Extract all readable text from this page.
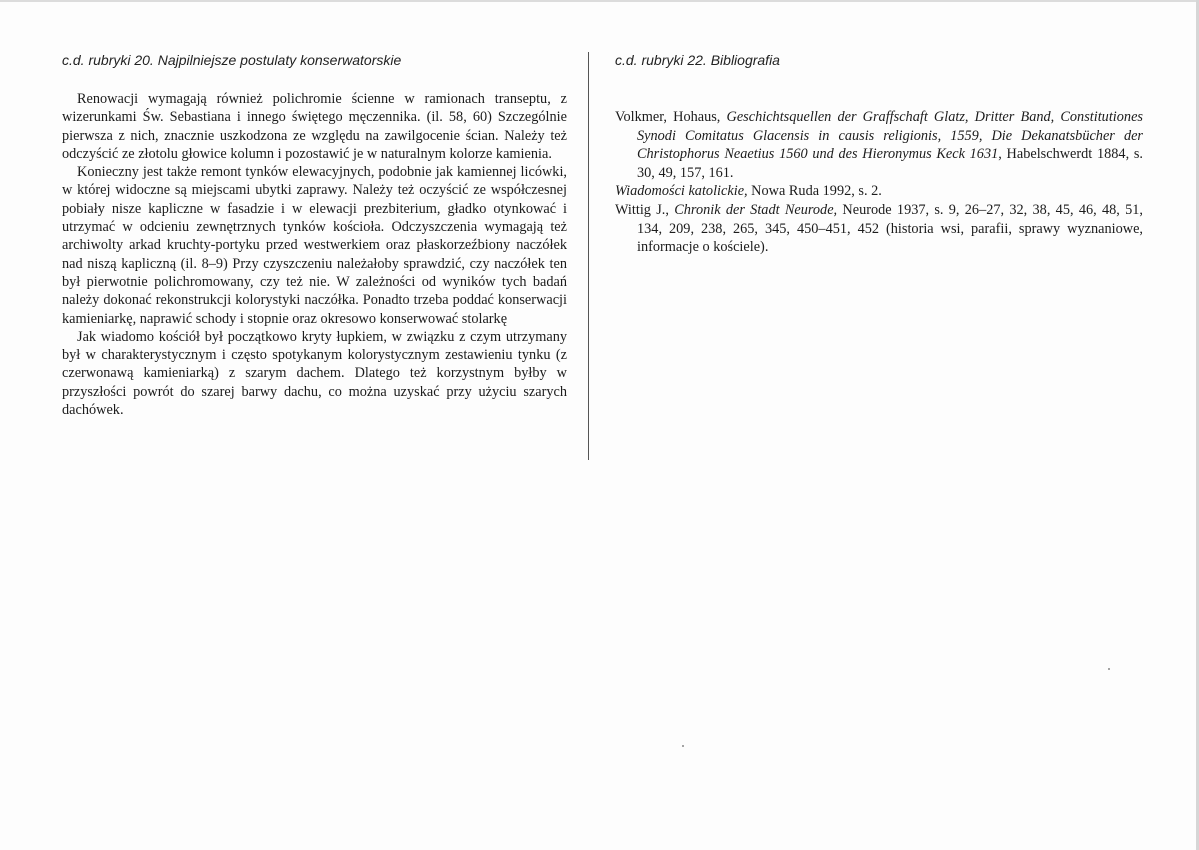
c.d. rubryki 20. Najpilniejsze postulaty konserwatorskie

Renowacji wymagają również polichromie ścienne w ramionach transeptu, z wizerunkami Św. Sebastiana i innego świętego męczennika. (il. 58, 60) Szczególnie pierwsza z nich, znacznie uszkodzona ze względu na zawilgocenie ścian. Należy też odczyścić ze złotolu głowice kolumn i pozostawić je w naturalnym kolorze kamienia.

Konieczny jest także remont tynków elewacyjnych, podobnie jak kamiennej licówki, w której widoczne są miejscami ubytki zaprawy. Należy też oczyścić ze współczesnej pobiały nisze kapliczne w fasadzie i w elewacji prezbiterium, gładko otynkować i utrzymać w odcieniu zewnętrznych tynków kościoła. Odczyszczenia wymagają też archiwolty arkad kruchty-portyku przed westwerkiem oraz płaskorzeźbiony naczółek nad niszą kapliczną (il. 8–9) Przy czyszczeniu należałoby sprawdzić, czy naczółek ten był pierwotnie polichromowany, czy też nie. W zależności od wyników tych badań należy dokonać rekonstrukcji kolorystyki naczółka. Ponadto trzeba poddać konserwacji kamieniarkę, naprawić schody i stopnie oraz okresowo konserwować stolarkę

Jak wiadomo kościół był początkowo kryty łupkiem, w związku z czym utrzymany był w charakterystycznym i często spotykanym kolorystycznym zestawieniu tynku (z czerwonawą kamieniarką) z szarym dachem. Dlatego też korzystnym byłby w przyszłości powrót do szarej barwy dachu, co można uzyskać przy użyciu szarych dachówek.

c.d. rubryki 22. Bibliografia

Volkmer, Hohaus, Geschichtsquellen der Graffschaft Glatz, Dritter Band, Constitutiones Synodi Comitatus Glacensis in causis religionis, 1559, Die Dekanatsbücher der Christophorus Neaetius 1560 und des Hieronymus Keck 1631, Habelschwerdt 1884, s. 30, 49, 157, 161.

Wiadomości katolickie, Nowa Ruda 1992, s. 2.

Wittig J., Chronik der Stadt Neurode, Neurode 1937, s. 9, 26–27, 32, 38, 45, 46, 48, 51, 134, 209, 238, 265, 345, 450–451, 452 (historia wsi, parafii, sprawy wyznaniowe, informacje o kościele).
